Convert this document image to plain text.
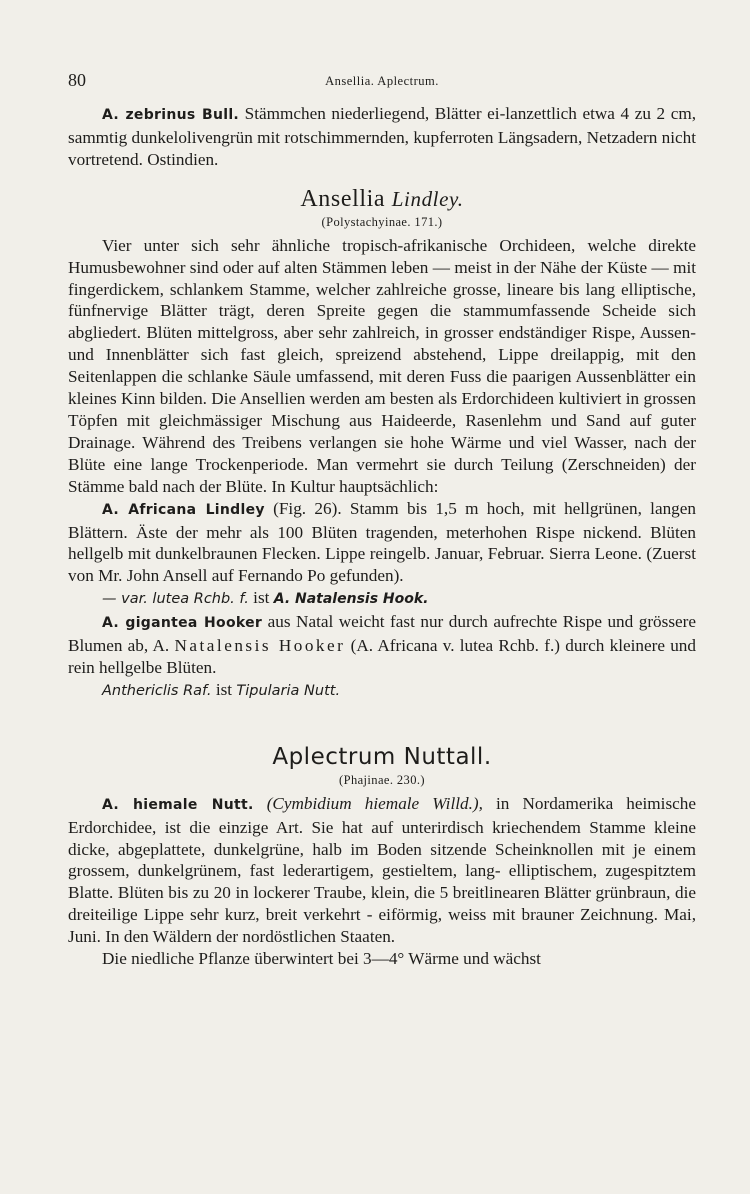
80	Ansellia. Aplectrum.

A. zebrinus Bull. Stämmchen niederliegend, Blätter ei-lanzettlich etwa 4 zu 2 cm, sammtig dunkelolivengrün mit rotschimmernden, kupferroten Längsadern, Netzadern nicht vortretend. Ostindien.

Ansellia Lindley.
(Polystachyinae. 171.)

Vier unter sich sehr ähnliche tropisch-afrikanische Orchideen, welche direkte Humusbewohner sind oder auf alten Stämmen leben — meist in der Nähe der Küste — mit fingerdickem, schlankem Stamme, welcher zahlreiche grosse, lineare bis lang elliptische, fünfnervige Blätter trägt, deren Spreite gegen die stammumfassende Scheide sich abgliedert. Blüten mittelgross, aber sehr zahlreich, in grosser endständiger Rispe, Aussen- und Innenblätter sich fast gleich, spreizend abstehend, Lippe dreilappig, mit den Seitenlappen die schlanke Säule umfassend, mit deren Fuss die paarigen Aussenblätter ein kleines Kinn bilden. Die Ansellien werden am besten als Erdorchideen kultiviert in grossen Töpfen mit gleichmässiger Mischung aus Haideerde, Rasenlehm und Sand auf guter Drainage. Während des Treibens verlangen sie hohe Wärme und viel Wasser, nach der Blüte eine lange Trockenperiode. Man vermehrt sie durch Teilung (Zerschneiden) der Stämme bald nach der Blüte. In Kultur hauptsächlich:

A. Africana Lindley (Fig. 26). Stamm bis 1,5 m hoch, mit hellgrünen, langen Blättern. Äste der mehr als 100 Blüten tragenden, meterhohen Rispe nickend. Blüten hellgelb mit dunkelbraunen Flecken. Lippe reingelb. Januar, Februar. Sierra Leone. (Zuerst von Mr. John Ansell auf Fernando Po gefunden).

— var. lutea Rchb. f. ist A. Natalensis Hook.

A. gigantea Hooker aus Natal weicht fast nur durch aufrechte Rispe und grössere Blumen ab, A. Natalensis Hooker (A. Africana v. lutea Rchb. f.) durch kleinere und rein hellgelbe Blüten.

Anthericlis Raf. ist Tipularia Nutt.

Aplectrum Nuttall.
(Phajinae. 230.)

A. hiemale Nutt. (Cymbidium hiemale Willd.), in Nordamerika heimische Erdorchidee, ist die einzige Art. Sie hat auf unterirdisch kriechendem Stamme kleine dicke, abgeplattete, dunkelgrüne, halb im Boden sitzende Scheinknollen mit je einem grossem, dunkelgrünem, fast lederartigem, gestieltem, lang- elliptischem, zugespitztem Blatte. Blüten bis zu 20 in lockerer Traube, klein, die 5 breitlinearen Blätter grünbraun, die dreiteilige Lippe sehr kurz, breit verkehrt - eiförmig, weiss mit brauner Zeichnung. Mai, Juni. In den Wäldern der nordöstlichen Staaten.

Die niedliche Pflanze überwintert bei 3—4° Wärme und wächst
